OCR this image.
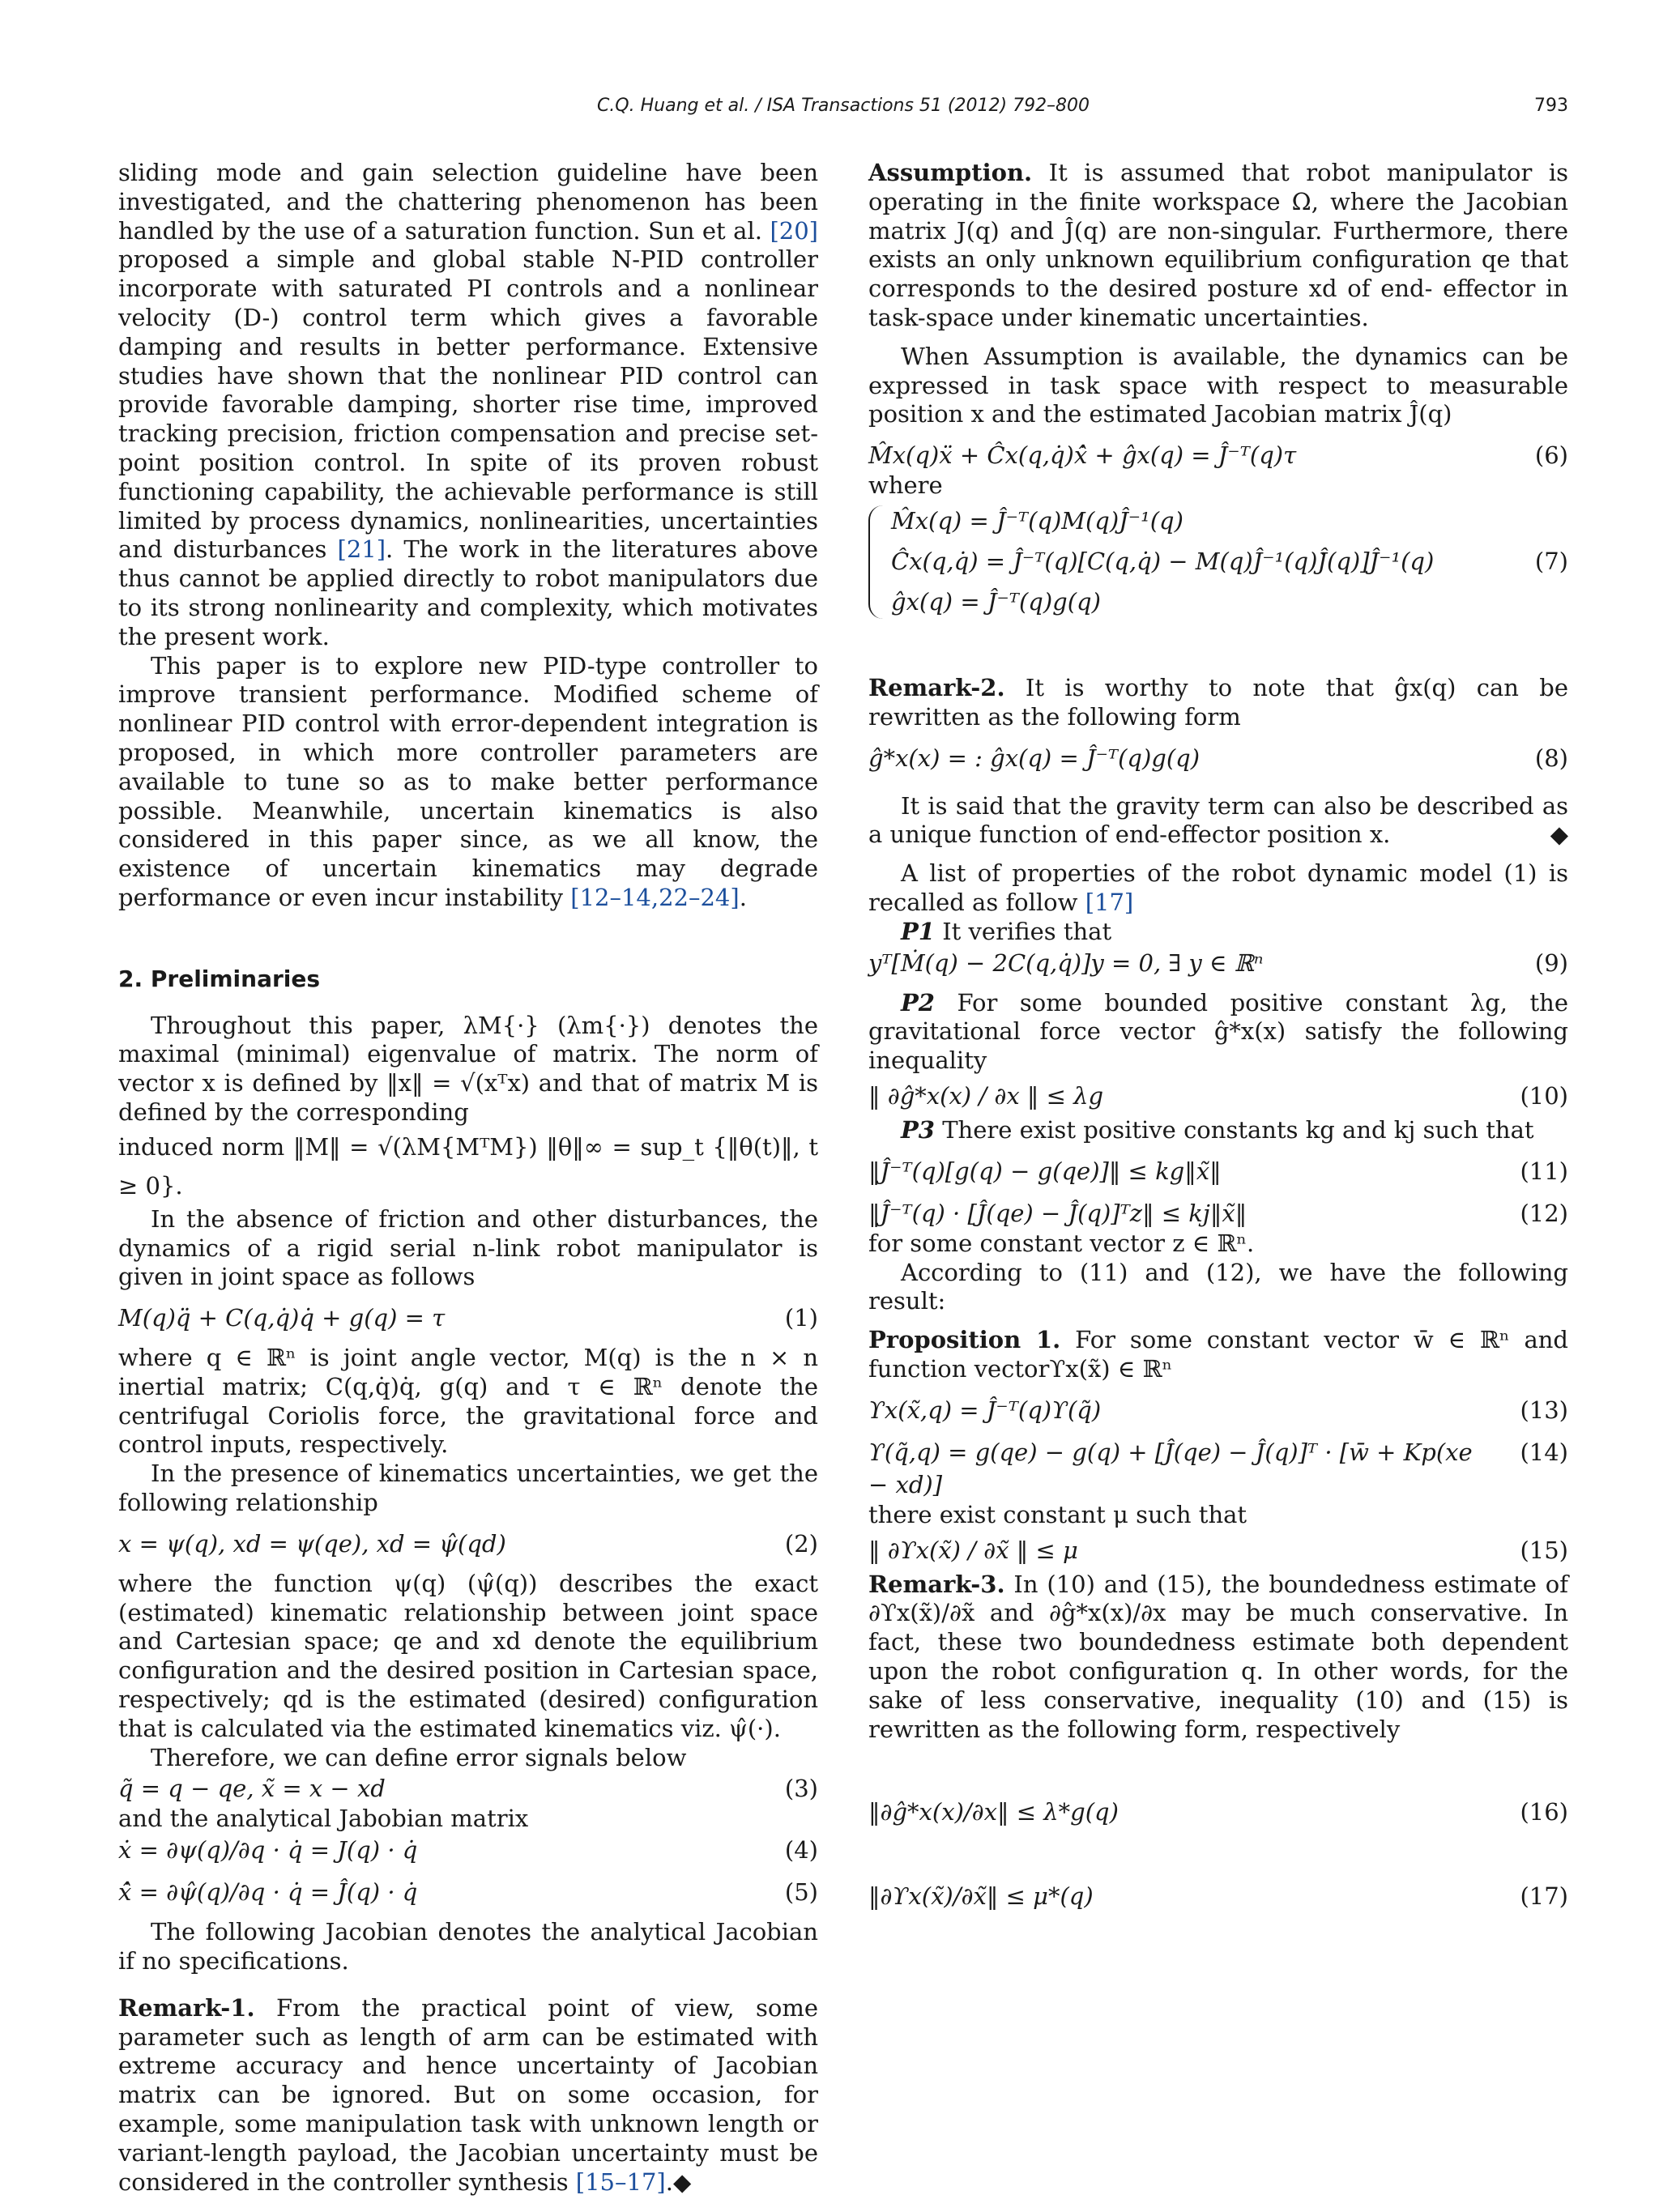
C.Q. Huang et al. / ISA Transactions 51 (2012) 792–800	793

sliding mode and gain selection guideline have been investigated, and the chattering phenomenon has been handled by the use of a saturation function. Sun et al. [20] proposed a simple and global stable N-PID controller incorporate with saturated PI controls and a nonlinear velocity (D-) control term which gives a favorable damping and results in better performance. Extensive studies have shown that the nonlinear PID control can provide favorable damping, shorter rise time, improved tracking precision, friction compensation and precise set-point position control. In spite of its proven robust functioning capability, the achievable performance is still limited by process dynamics, nonlinearities, uncertainties and disturbances [21]. The work in the literatures above thus cannot be applied directly to robot manipulators due to its strong nonlinearity and complexity, which motivates the present work.

This paper is to explore new PID-type controller to improve transient performance. Modified scheme of nonlinear PID control with error-dependent integration is proposed, in which more controller parameters are available to tune so as to make better performance possible. Meanwhile, uncertain kinematics is also considered in this paper since, as we all know, the existence of uncertain kinematics may degrade performance or even incur instability [12–14,22–24].

2. Preliminaries

Throughout this paper, λM{·} (λm{·}) denotes the maximal (minimal) eigenvalue of matrix. The norm of vector x is defined by ‖x‖ = √(xᵀx) and that of matrix M is defined by the corresponding

induced norm ‖M‖ = √(λM{MᵀM}) ‖θ‖∞ = sup_t {‖θ(t)‖, t ≥ 0}.

In the absence of friction and other disturbances, the dynamics of a rigid serial n-link robot manipulator is given in joint space as follows

M(q)q̈ + C(q,q̇)q̇ + g(q) = τ	(1)

where q ∈ ℝⁿ is joint angle vector, M(q) is the n × n inertial matrix; C(q,q̇)q̇, g(q) and τ ∈ ℝⁿ denote the centrifugal Coriolis force, the gravitational force and control inputs, respectively.

In the presence of kinematics uncertainties, we get the following relationship

x = ψ(q), xd = ψ(qe), xd = ψ̂(qd)	(2)

where the function ψ(q) (ψ̂(q)) describes the exact (estimated) kinematic relationship between joint space and Cartesian space; qe and xd denote the equilibrium configuration and the desired position in Cartesian space, respectively; qd is the estimated (desired) configuration that is calculated via the estimated kinematics viz. ψ̂(·).

Therefore, we can define error signals below

q̃ = q − qe, x̃ = x − xd	(3)

and the analytical Jabobian matrix

ẋ = ∂ψ(q)/∂q · q̇ = J(q) · q̇	(4)
x̂̇ = ∂ψ̂(q)/∂q · q̇ = Ĵ(q) · q̇	(5)

The following Jacobian denotes the analytical Jacobian if no specifications.

Remark-1. From the practical point of view, some parameter such as length of arm can be estimated with extreme accuracy and hence uncertainty of Jacobian matrix can be ignored. But on some occasion, for example, some manipulation task with unknown length or variant-length payload, the Jacobian uncertainty must be considered in the controller synthesis [15–17].◆

Assumption. It is assumed that robot manipulator is operating in the finite workspace Ω, where the Jacobian matrix J(q) and Ĵ(q) are non-singular. Furthermore, there exists an only unknown equilibrium configuration qe that corresponds to the desired posture xd of end- effector in task-space under kinematic uncertainties.

When Assumption is available, the dynamics can be expressed in task space with respect to measurable position x and the estimated Jacobian matrix Ĵ(q)

M̂x(q)ẍ + Ĉx(q,q̇)x̂̇ + ĝx(q) = Ĵ⁻ᵀ(q)τ	(6)

where

M̂x(q) = Ĵ⁻ᵀ(q)M(q)Ĵ⁻¹(q)
Ĉx(q,q̇) = Ĵ⁻ᵀ(q)[C(q,q̇) − M(q)Ĵ⁻¹(q)Ĵ̇(q)]Ĵ⁻¹(q)
ĝx(q) = Ĵ⁻ᵀ(q)g(q)
(7)

Remark-2. It is worthy to note that ĝx(q) can be rewritten as the following form

ĝ*x(x) = : ĝx(q) = Ĵ⁻ᵀ(q)g(q)	(8)

It is said that the gravity term can also be described as a unique function of end-effector position x.	◆

A list of properties of the robot dynamic model (1) is recalled as follow [17]

P1 It verifies that

yᵀ[Ṁ(q) − 2C(q,q̇)]y = 0, ∃ y ∈ ℝⁿ	(9)

P2 For some bounded positive constant λg, the gravitational force vector ĝ*x(x) satisfy the following inequality

‖ ∂ĝ*x(x) / ∂x ‖ ≤ λg	(10)

P3 There exist positive constants kg and kj such that

‖Ĵ⁻ᵀ(q)[g(q) − g(qe)]‖ ≤ kg‖x̃‖	(11)
‖Ĵ⁻ᵀ(q) · [Ĵ(qe) − Ĵ(q)]ᵀz‖ ≤ kj‖x̃‖	(12)

for some constant vector z ∈ ℝⁿ.

According to (11) and (12), we have the following result:

Proposition 1. For some constant vector w̄ ∈ ℝⁿ and function vectorϒx(x̃) ∈ ℝⁿ

ϒx(x̃,q) = Ĵ⁻ᵀ(q)ϒ(q̃)	(13)
ϒ(q̃,q) = g(qe) − g(q) + [Ĵ(qe) − Ĵ(q)]ᵀ · [w̄ + Kp(xe − xd)]
(14)

there exist constant μ such that

‖ ∂ϒx(x̃) / ∂x̃ ‖ ≤ μ	(15)

Remark-3. In (10) and (15), the boundedness estimate of ∂ϒx(x̃)/∂x̃ and ∂ĝ*x(x)/∂x may be much conservative. In fact, these two boundedness estimate both dependent upon the robot configuration q. In other words, for the sake of less conservative, inequality (10) and (15) is rewritten as the following form, respectively

‖∂ĝ*x(x)/∂x‖ ≤ λ*g(q)	(16)
‖∂ϒx(x̃)/∂x̃‖ ≤ μ*(q)	(17)
